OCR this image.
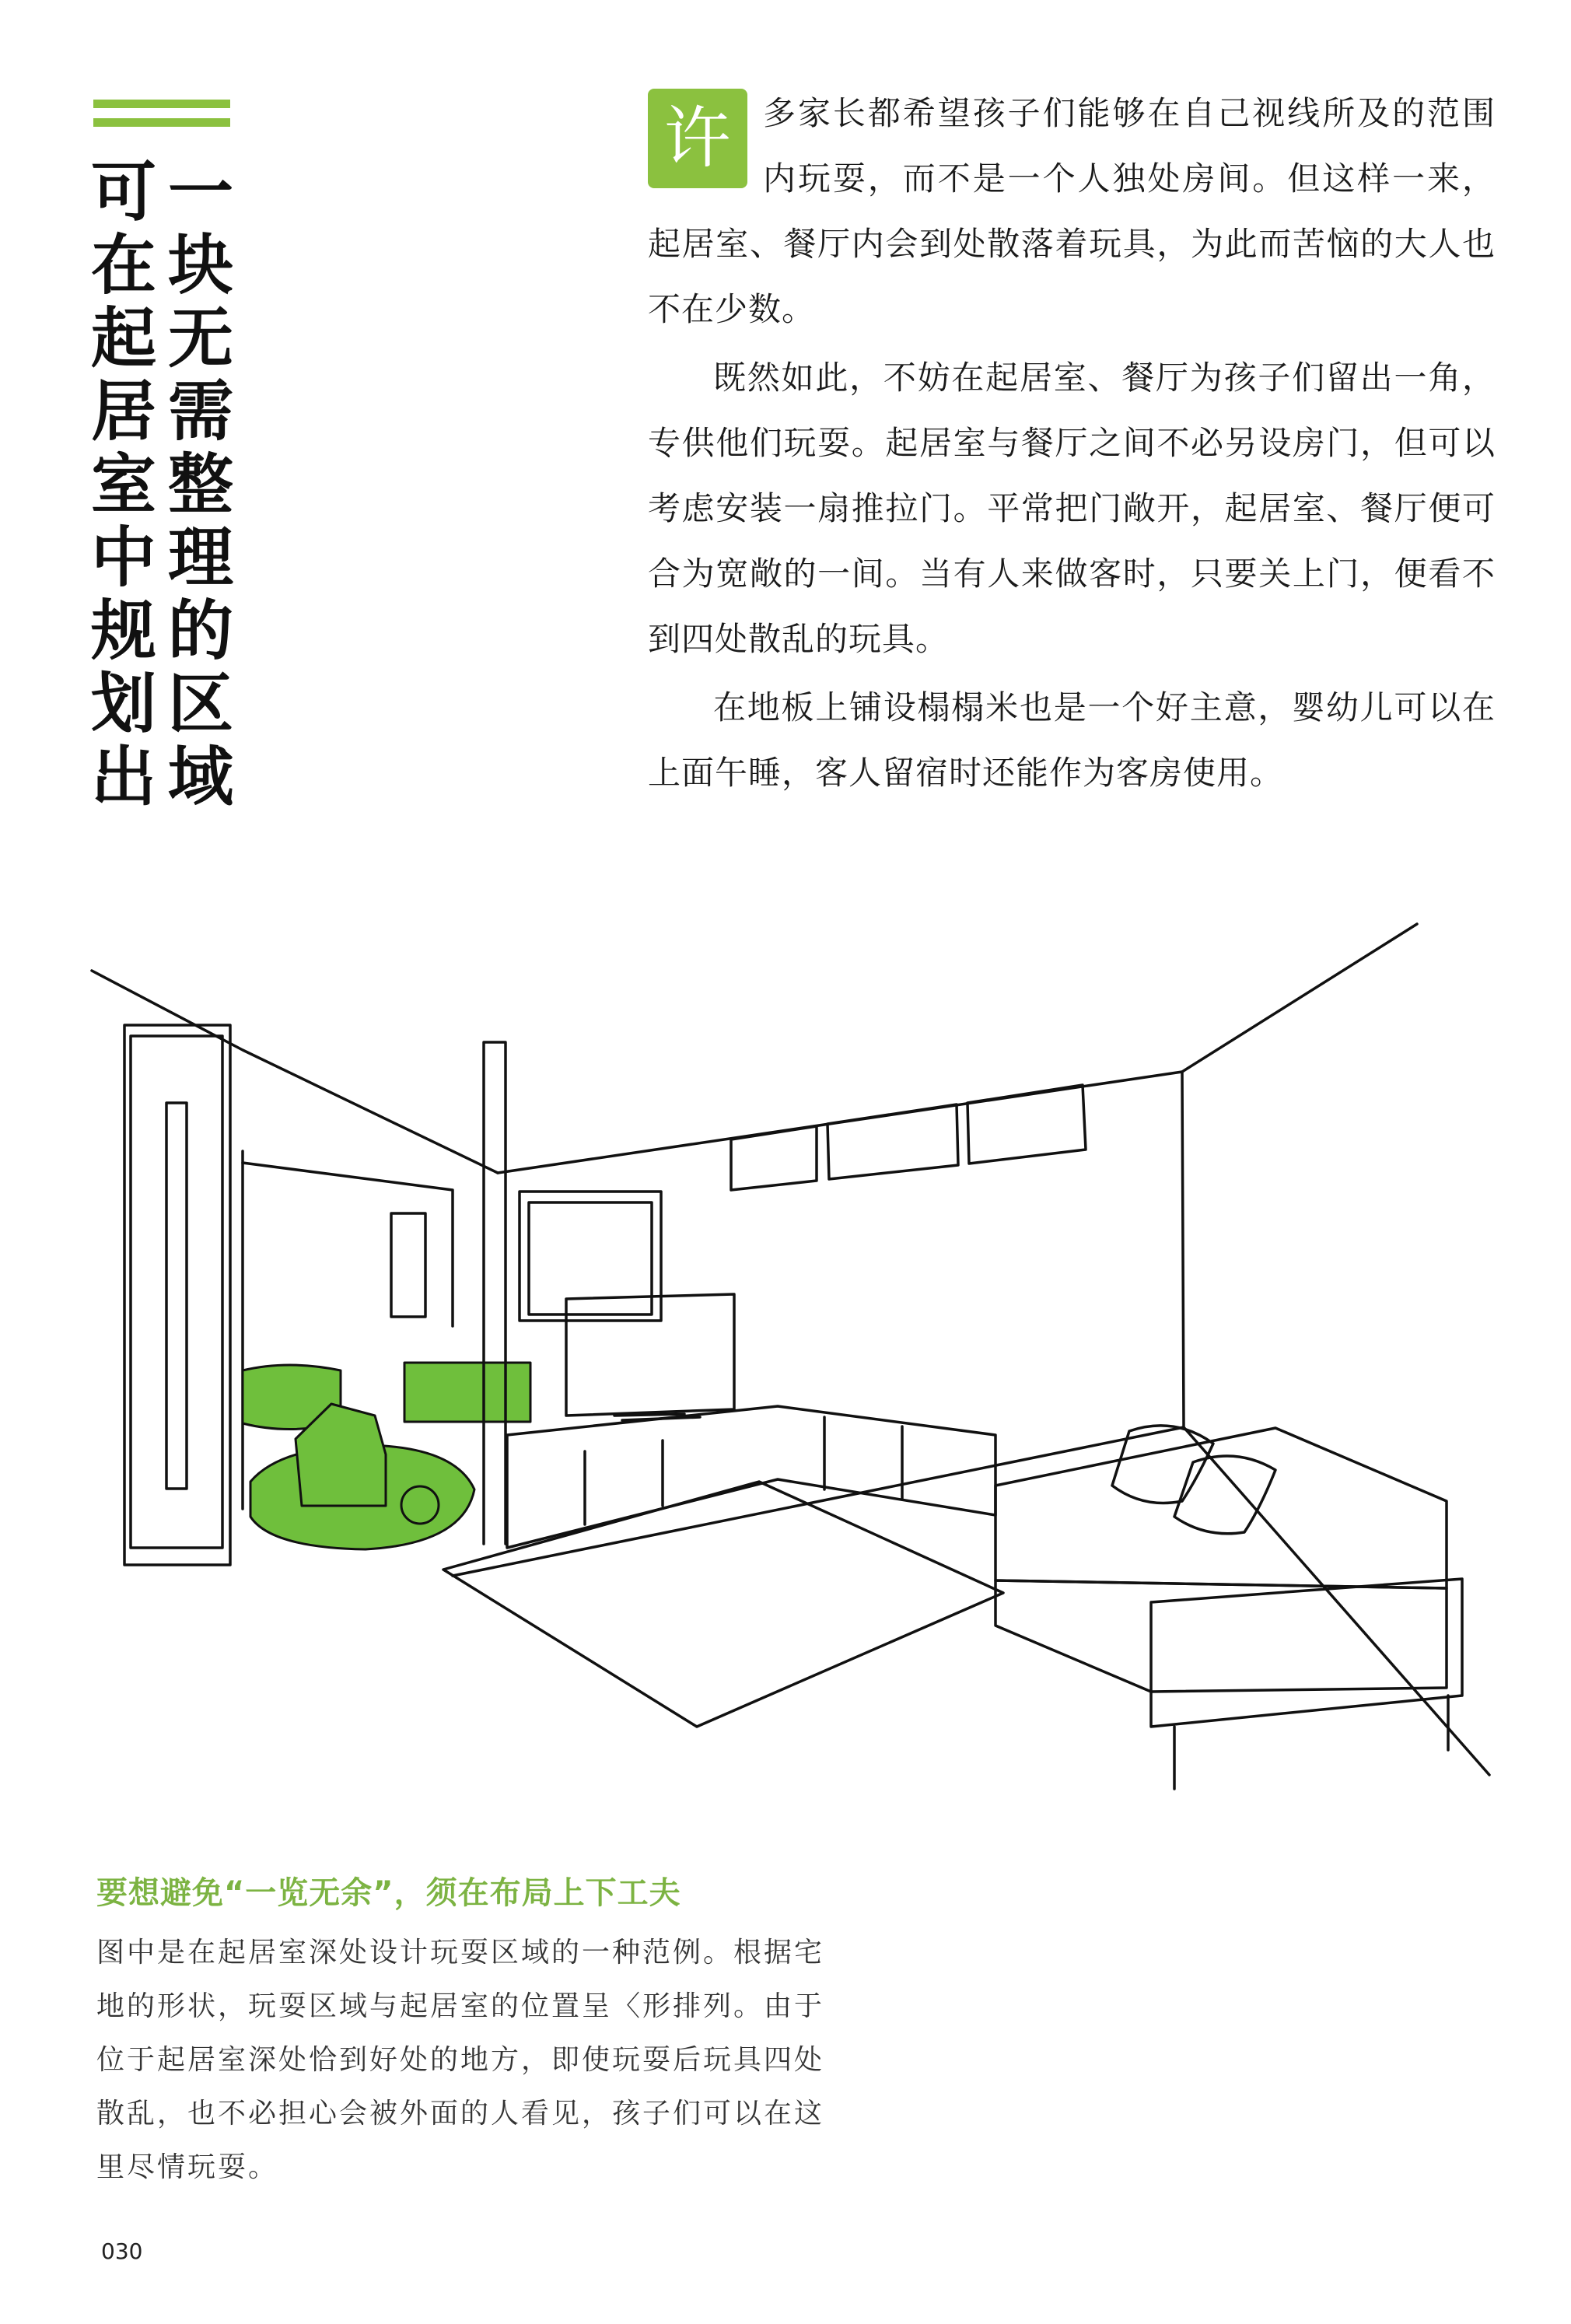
一块无需整理的区域
可在起居室中规划出

许 多家长都希望孩子们能够在自己视线所及的范围内玩耍，而不是一个人独处房间。但这样一来，起居室、餐厅内会到处散落着玩具，为此而苦恼的大人也不在少数。

既然如此，不妨在起居室、餐厅为孩子们留出一角，专供他们玩耍。起居室与餐厅之间不必另设房门，但可以考虑安装一扇推拉门。平常把门敞开，起居室、餐厅便可合为宽敞的一间。当有人来做客时，只要关上门，便看不到四处散乱的玩具。

在地板上铺设榻榻米也是一个好主意，婴幼儿可以在上面午睡，客人留宿时还能作为客房使用。

要想避免“一览无余”，须在布局上下工夫
图中是在起居室深处设计玩耍区域的一种范例。根据宅地的形状，玩耍区域与起居室的位置呈〈形排列。由于位于起居室深处恰到好处的地方，即使玩耍后玩具四处散乱，也不必担心会被外面的人看见，孩子们可以在这里尽情玩耍。
030
